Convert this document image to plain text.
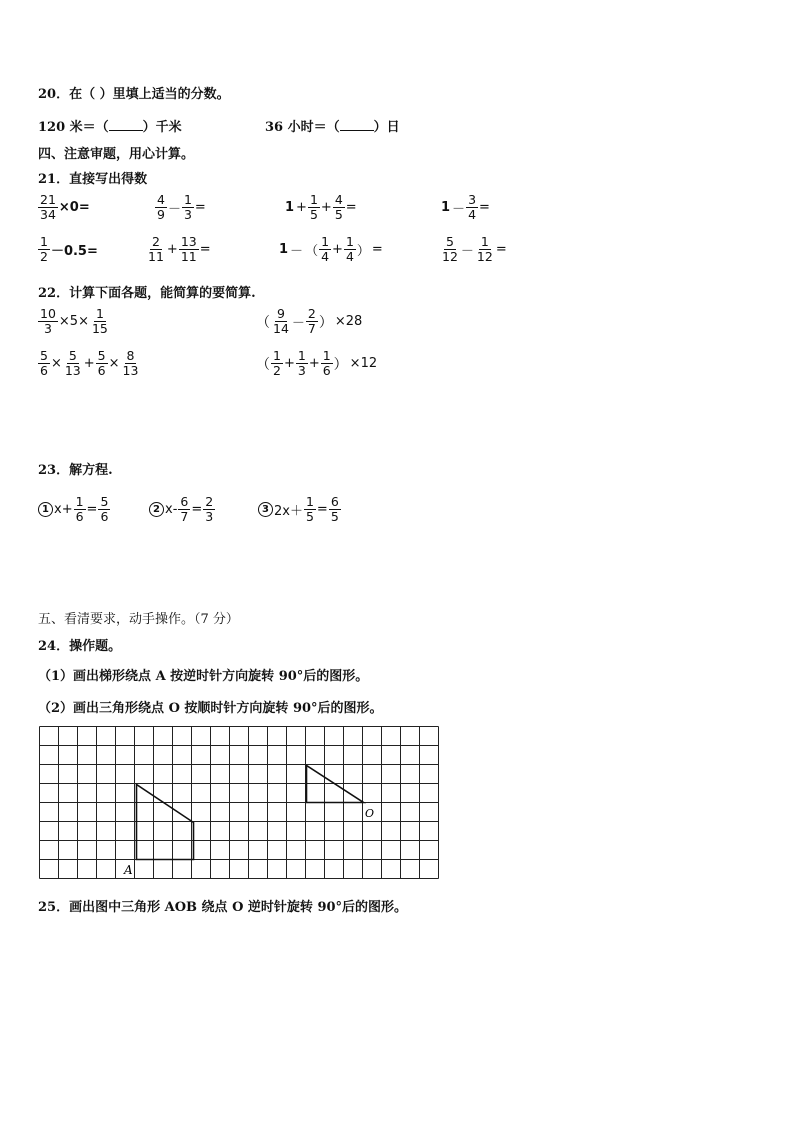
20．在（ ）里填上适当的分数。
120 米＝（	）千米	36 小时＝（	）日
四、注意审题，用心计算。
21．直接写出得数
$\frac{21}{34} \times 0=$	$\frac{4}{9} - \frac{1}{3}$ =	$1 + \frac{1}{5} + \frac{4}{5}$ =	$1 - \frac{3}{4}$ =
$\frac{1}{2} -0.5=$	$\frac{2}{11} + \frac{13}{11}$ =	1 － （ $\frac{1}{4} + \frac{1}{4}$ ） =	$\frac{5}{12} - \frac{1}{12}$ =
22．计算下面各题，能简算的要简算.
$\frac{10}{3} \times 5\times \frac{1}{15}$	（ $\frac{9}{14} - \frac{2}{7}$ ） ×28
$\frac{5}{6} \times \frac{5}{13} + \frac{5}{6} \times \frac{8}{13}$	（ $\frac{1}{2} + \frac{1}{3} + \frac{1}{6}$ ） ×12
23．解方程.
1 $x+ \frac{1}{6} = \frac{5}{6}$	2 $x- \frac{6}{7} = \frac{2}{3}$	3 $2x+ \frac{1}{5} = \frac{6}{5}$
五、看清要求，动手操作。（7 分）
24．操作题。
（1）画出梯形绕点 A 按逆时针方向旋转 90°后的图形。
（2）画出三角形绕点 O 按顺时针方向旋转 90°后的图形。
A
O
25．画出图中三角形 AOB 绕点 O 逆时针旋转 90°后的图形。
